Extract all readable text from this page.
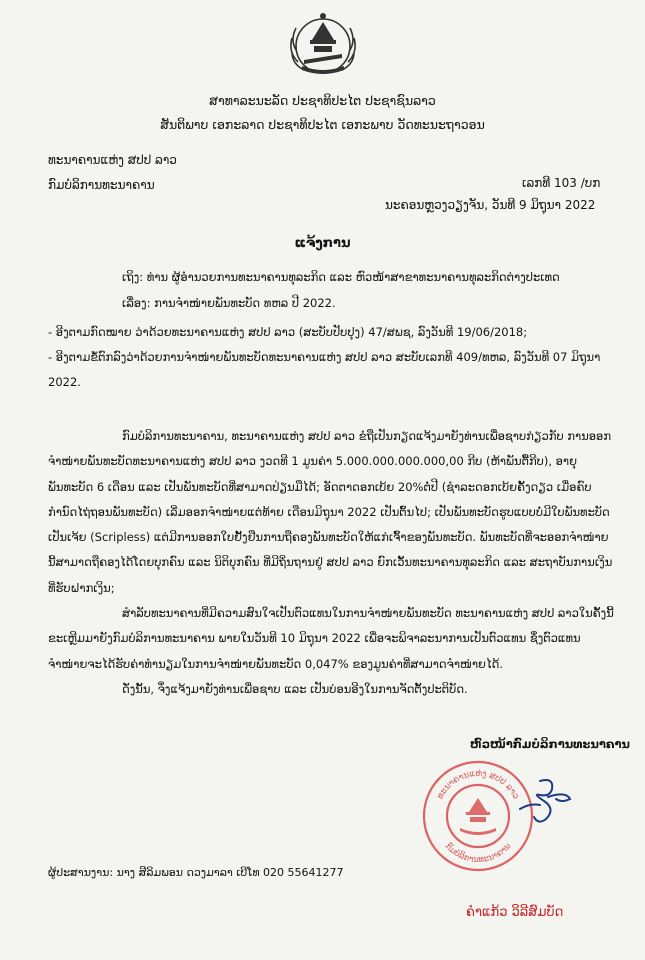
ສາທາລະນະລັດ ປະຊາທິປະໄຕ ປະຊາຊົນລາວ
ສັນຕິພາບ ເອກະລາດ ປະຊາທິປະໄຕ ເອກະພາບ ວັດທະນະຖາວອນ
ທະນາຄານແຫ່ງ ສປປ ລາວ
ກົມບໍລິການທະນາຄານ	ເລກທີ 103 /ບກ
ນະຄອນຫຼວງວຽງຈັນ, ວັນທີ 9 ມິຖຸນາ 2022
ແຈ້ງການ
ເຖິງ: ທ່ານ ຜູ້ອຳນວຍການທະນາຄານທຸລະກິດ ແລະ ຫົວໜ້າສາຂາທະນາຄານທຸລະກິດຕ່າງປະເທດ
ເລື່ອງ: ການຈຳໜ່າຍພັນທະບັດ ທຫລ ປີ 2022.

- ອີງຕາມກົດໝາຍ ວ່າດ້ວຍທະນາຄານແຫ່ງ ສປປ ລາວ (ສະບັບປັບປຸງ) 47/ສພຊ, ລົງວັນທີ 19/06/2018;

- ອີງຕາມຂໍ້ຕົກລົງວ່າດ້ວຍການຈຳໜ່າຍພັນທະບັດທະນາຄານແຫ່ງ ສປປ ລາວ ສະບັບເລກທີ 409/ທຫລ, ລົງວັນທີ 07 ມິຖຸນາ 2022.

ກົມບໍລິການທະນາຄານ, ທະນາຄານແຫ່ງ ສປປ ລາວ ຂໍຖືເປັນກຽດແຈ້ງມາຍັງທ່ານເພື່ອຊາບກ່ຽວກັບ ການອອກຈຳໜ່າຍພັນທະບັດທະນາຄານແຫ່ງ ສປປ ລາວ ງວດທີ 1 ມູນຄ່າ 5.000.000.000.000,00 ກີບ (ຫ້າພັນຕື້ກີບ), ອາຍຸພັນທະບັດ 6 ເດືອນ ແລະ ເປັນພັນທະບັດທີ່ສາມາດປ່ຽນມືໄດ້; ອັດຕາດອກເບ້ຍ 20%ຕໍ່ປີ (ຊຳລະດອກເບ້ຍຄັ້ງດຽວ ເມື່ອຄົບກຳນົດໄຖ່ຖອນພັນທະບັດ) ເລີ່ມອອກຈຳໜ່າຍແຕ່ທ້າຍ ເດືອນມິຖຸນາ 2022 ເປັນຕົ້ນໄປ; ເປັນພັນທະບັດຮູບແບບບໍ່ມີໃບພັນທະບັດເປັນເຈ້ຍ (Scripless) ແຕ່ມີການອອກໃບຢັ້ງຢືນການຖືຄອງພັນທະບັດໃຫ້ແກ່ເຈົ້າຂອງພັນທະບັດ. ພັນທະບັດທີ່ຈະອອກຈຳໜ່າຍນີ້ສາມາດຖືຄອງໄດ້ໂດຍບຸກຄົນ ແລະ ນິຕິບຸກຄົນ ທີ່ມີຖິ່ນຖານຢູ່ ສປປ ລາວ ຍົກເວັ້ນທະນາຄານທຸລະກິດ ແລະ ສະຖາບັນການເງິນທີ່ຮັບຝາກເງິນ;

ສຳລັບທະນາຄານທີ່ມີຄວາມສົນໃຈເປັນຕົວແທນໃນການຈຳໜ່າຍພັນທະບັດ ທະນາຄານແຫ່ງ ສປປ ລາວໃນຄັ້ງນີ້ ຂະເຫຼີມມາຍັງກົມບໍລິການທະນາຄານ ພາຍໃນວັນທີ 10 ມິຖຸນາ 2022 ເພື່ອຈະພິຈາລະນາການເປັນຕົວແທນ ຊຶ່ງຕົວແທນຈຳໜ່າຍຈະໄດ້ຮັບຄ່າທຳນຽມໃນການຈຳໜ່າຍພັນທະບັດ 0,047% ຂອງມູນຄ່າທີ່ສາມາດຈຳໜ່າຍໄດ້.

ດັ່ງນັ້ນ, ຈຶ່ງແຈ້ງມາຍັງທ່ານເພື່ອຊາບ ແລະ ເປັນບ່ອນອີງໃນການຈັດຕັ້ງປະຕິບັດ.

ຫົວໜ້າກົມບໍລິການທະນາຄານ
ທະນາຄານແຫ່ງ ສປປ ລາວ
ກົມບໍລິການທະນາຄານ
ຜູ້ປະສານງານ: ນາງ ສີລິມພອນ ດວງມາລາ ເບີໂທ 020 55641277
ຄຳແກ້ວ ວິລີສົມບັດ
